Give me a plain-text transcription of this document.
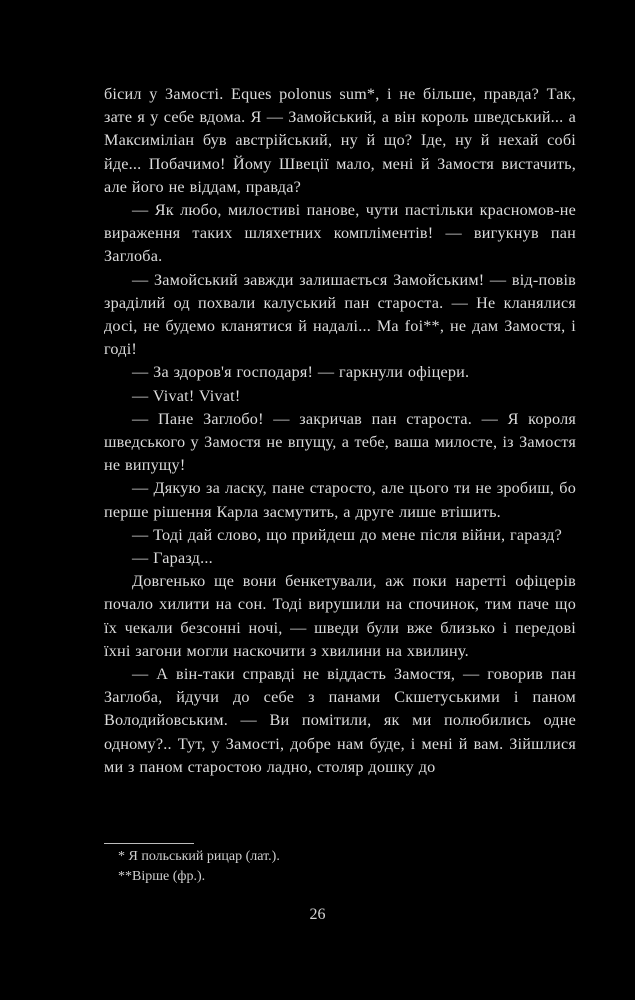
бісил у Замості. Eques polonus sum*, і не більше, правда? Так, зате я у себе вдома. Я — Замойський, а він король шведський... а Максиміліан був австрійський, ну й що? Іде, ну й нехай собі йде... Побачимо! Йому Швеції мало, мені й Замостя вистачить, але його не віддам, правда?

— Як любо, милостиві панове, чути пастільки красномов-не вираження таких шляхетних компліментів! — вигукнув пан Заглоба.

— Замойський завжди залишається Замойським! — від-повів зраділий од похвали калуський пан староста. — Не кланялися досі, не будемо кланятися й надалі... Ma foi**, не дам Замостя, і годі!

— За здоров'я господаря! — гаркнули офіцери.

— Vivat! Vivat!

— Пане Заглобо! — закричав пан староста. — Я короля шведського у Замостя не впущу, а тебе, ваша милосте, із Замостя не випущу!

— Дякую за ласку, пане старосто, але цього ти не зробиш, бо перше рішення Карла засмутить, а друге лише втішить.

— Тоді дай слово, що прийдеш до мене після війни, гаразд?

— Гаразд...

Довгенько ще вони бенкетували, аж поки наретті офіцерів почало хилити на сон. Тоді вирушили на спочинок, тим паче що їх чекали безсонні ночі, — шведи були вже близько і передові їхні загони могли наскочити з хвилини на хвилину.

— А він-таки справді не віддасть Замостя, — говорив пан Заглоба, йдучи до себе з панами Скшетуськими і паном Володийовським. — Ви помітили, як ми полюбились одне одному?.. Тут, у Замості, добре нам буде, і мені й вам. Зійшлися ми з паном старостою ладно, столяр дошку до

* Я польський рицар (лат.).

**Вірше (фр.).

26
